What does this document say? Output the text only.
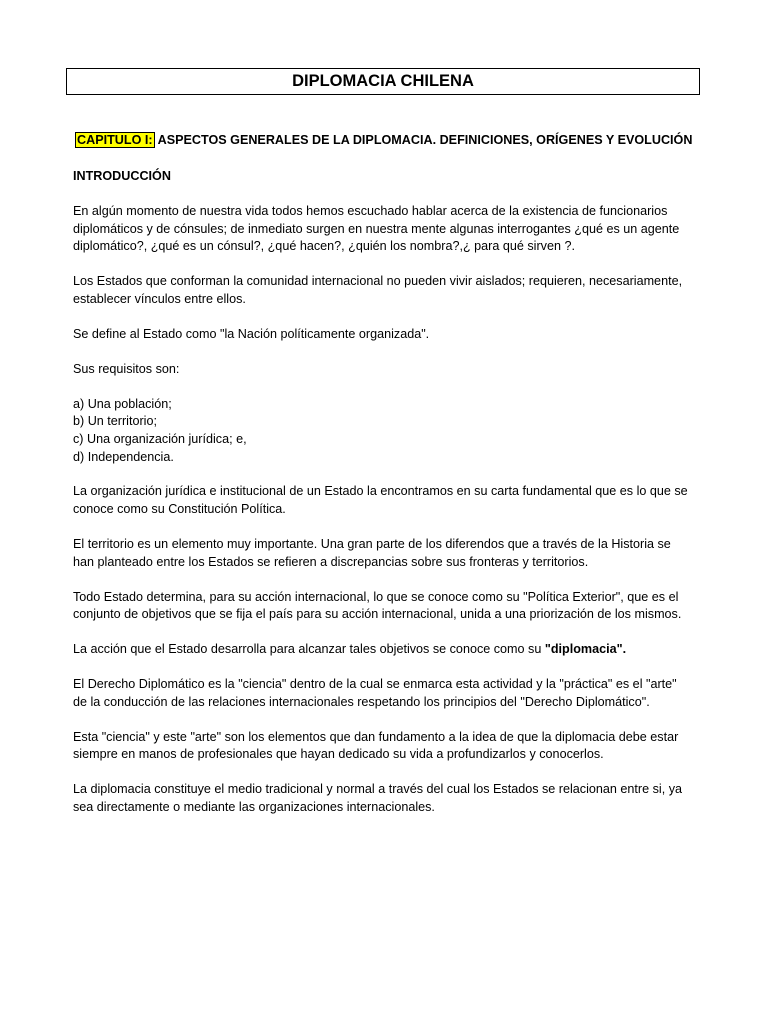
DIPLOMACIA CHILENA
CAPITULO I: ASPECTOS GENERALES DE LA DIPLOMACIA. DEFINICIONES, ORÍGENES Y EVOLUCIÓN
INTRODUCCIÓN

En algún momento de nuestra vida todos hemos escuchado hablar acerca de la existencia de funcionarios diplomáticos y de cónsules; de inmediato surgen en nuestra mente algunas interrogantes ¿qué es un agente diplomático?, ¿qué es un cónsul?, ¿qué hacen?, ¿quién los nombra?,¿ para qué sirven ?.

Los Estados que conforman la comunidad internacional no pueden vivir aislados; requieren, necesariamente, establecer vínculos entre ellos.

Se define al Estado como "la Nación políticamente organizada".

Sus requisitos son:

a) Una población;
b) Un territorio;
c) Una organización jurídica; e,
d) Independencia.

La organización jurídica e institucional de un Estado la encontramos en su carta fundamental que es lo que se conoce como su Constitución Política.

El territorio es un elemento muy importante. Una gran parte de los diferendos que a través de la Historia se han planteado entre los Estados se refieren a discrepancias sobre sus fronteras y territorios.

Todo Estado determina, para su acción internacional, lo que se conoce como su "Política Exterior", que es el conjunto de objetivos que se fija el país para su acción internacional, unida a una priorización de los mismos.

La acción que el Estado desarrolla para alcanzar tales objetivos se conoce como su "diplomacia".

El Derecho Diplomático es la "ciencia" dentro de la cual se enmarca esta actividad y la "práctica" es el "arte" de la conducción de las relaciones internacionales respetando los principios del "Derecho Diplomático".

Esta "ciencia" y este "arte" son los elementos que dan fundamento a la idea de que la diplomacia debe estar siempre en manos de profesionales que hayan dedicado su vida a profundizarlos y conocerlos.

La diplomacia constituye el medio tradicional y normal a través del cual los Estados se relacionan entre si, ya sea directamente o mediante las organizaciones internacionales.
